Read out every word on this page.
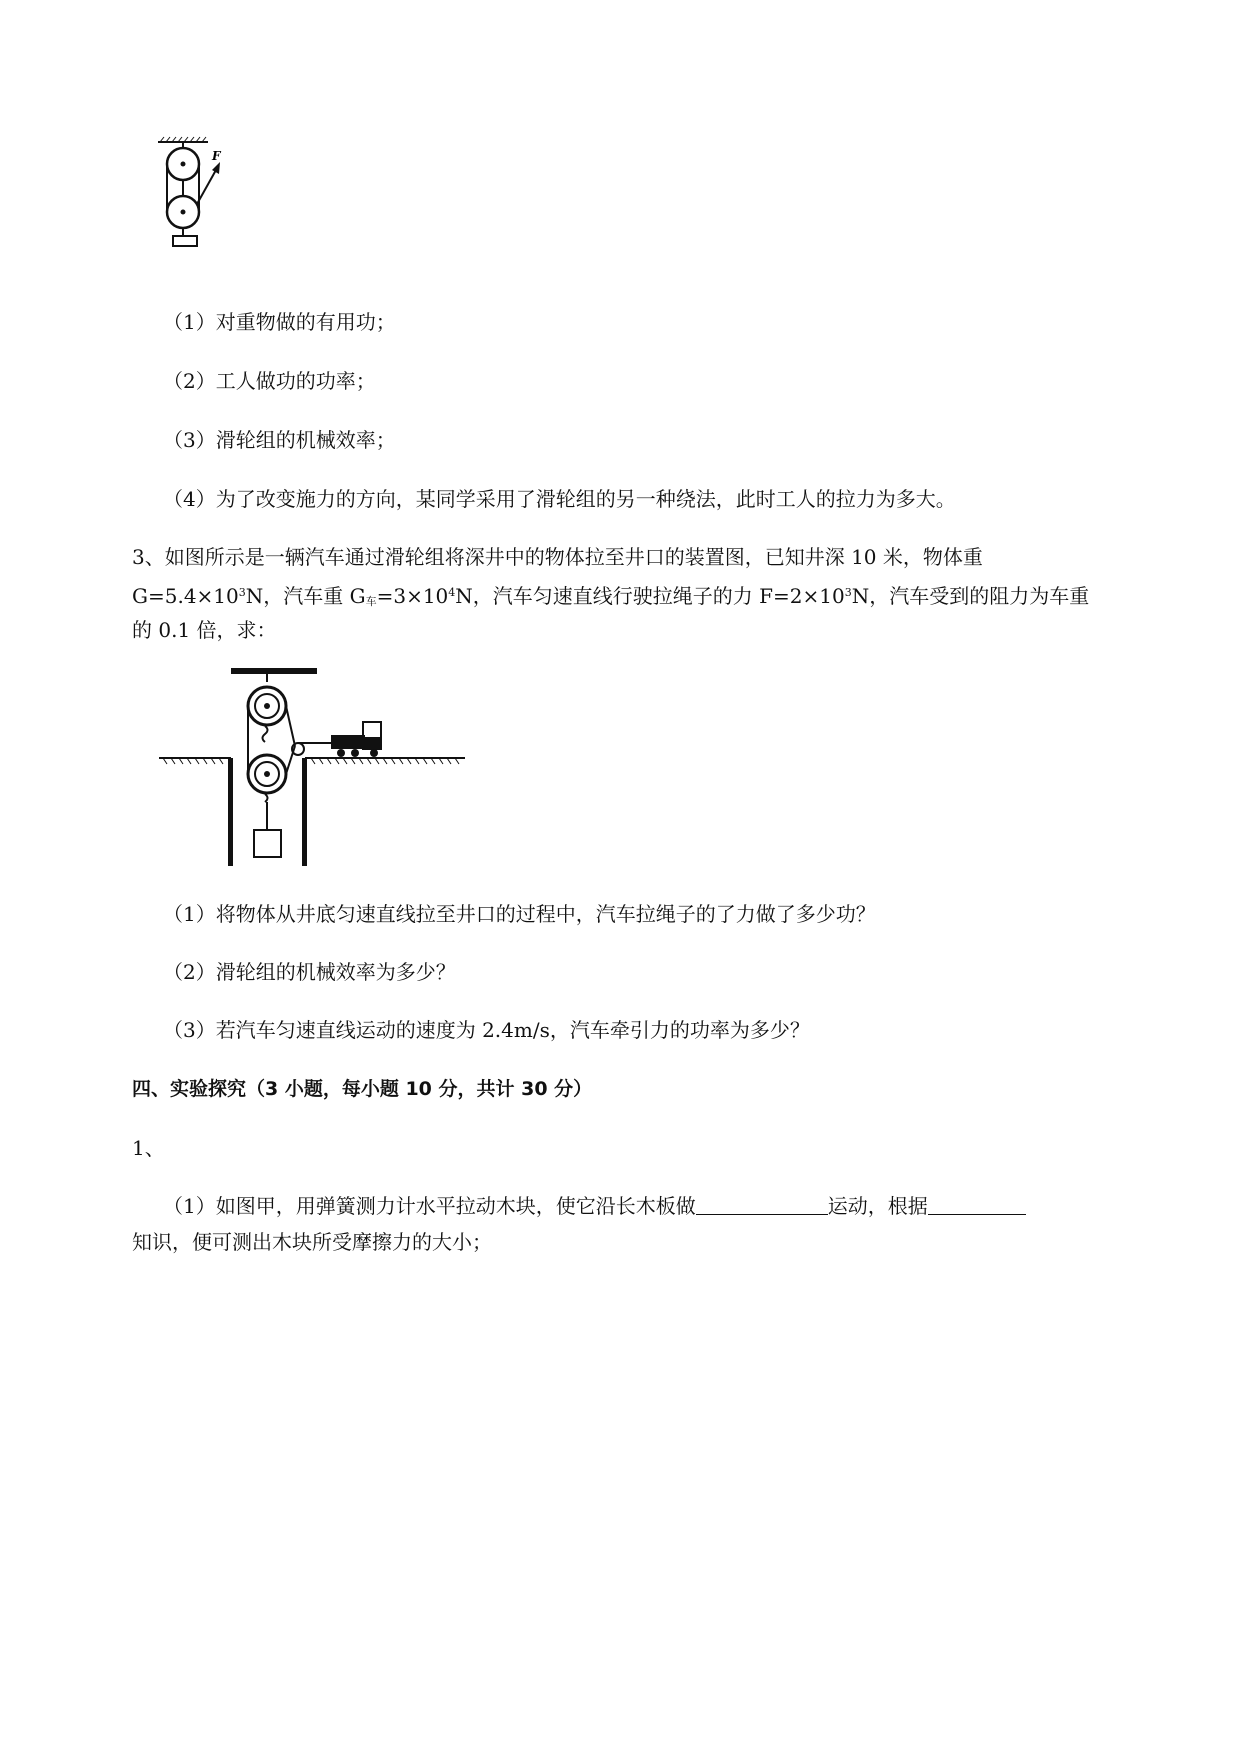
F
（1）对重物做的有用功；
（2）工人做功的功率；
（3）滑轮组的机械效率；
（4）为了改变施力的方向，某同学采用了滑轮组的另一种绕法，此时工人的拉力为多大。
3、如图所示是一辆汽车通过滑轮组将深井中的物体拉至井口的装置图，已知井深 10 米，物体重
$G=5.4\times 10^3N$，汽车重 G车$=3\times 10^4N$，汽车匀速直线行驶拉绳子的力 $F=2\times 10^3N$，汽车受到的阻力为车重
的 0.1 倍，求：
（1）将物体从井底匀速直线拉至井口的过程中，汽车拉绳子的了力做了多少功？
（2）滑轮组的机械效率为多少？
（3）若汽车匀速直线运动的速度为 2.4m/s，汽车牵引力的功率为多少？
四、实验探究（3 小题，每小题 10 分，共计 30 分）
1、
（1）如图甲，用弹簧测力计水平拉动木块，使它沿长木板做	运动，根据
知识，便可测出木块所受摩擦力的大小；
